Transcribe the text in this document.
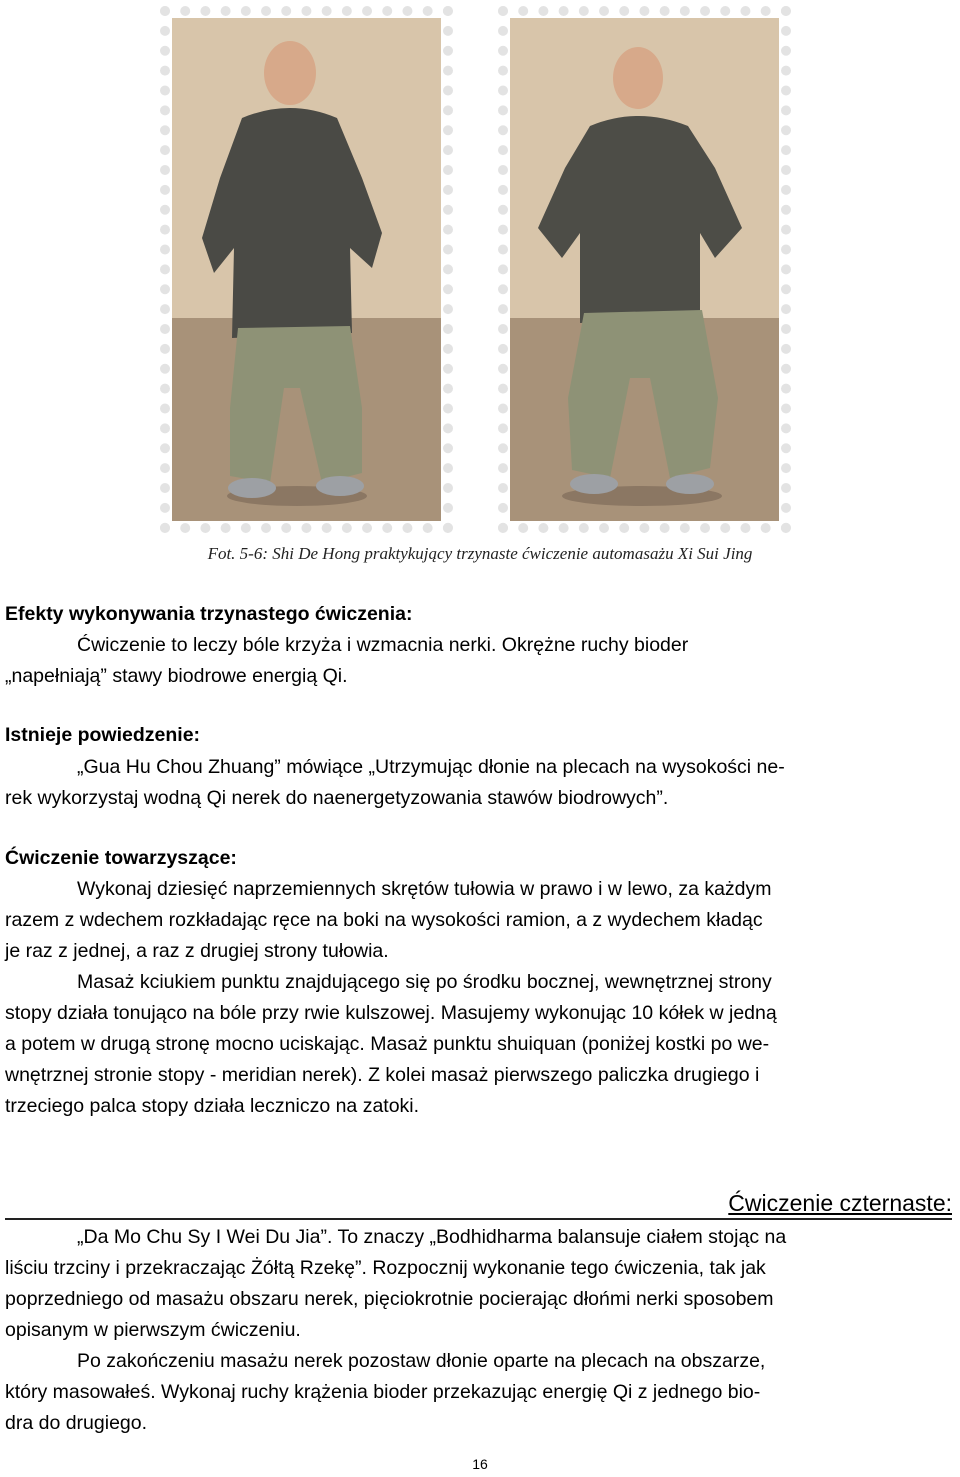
Fot. 5-6: Shi De Hong praktykujący trzynaste ćwiczenie automasażu Xi Sui Jing
Efekty wykonywania trzynastego ćwiczenia:
Ćwiczenie to leczy bóle krzyża i wzmacnia nerki. Okrężne ruchy bioder
„napełniają” stawy biodrowe energią Qi.
Istnieje powiedzenie:
„Gua Hu Chou Zhuang” mówiące „Utrzymując dłonie na plecach na wysokości ne-
rek wykorzystaj wodną Qi nerek do naenergetyzowania stawów biodrowych”.
Ćwiczenie towarzyszące:
Wykonaj dziesięć naprzemiennych skrętów tułowia w prawo i w lewo, za każdym
razem z wdechem rozkładając ręce na boki na wysokości ramion, a z wydechem kładąc
je raz z jednej, a raz z drugiej strony tułowia.
Masaż kciukiem punktu znajdującego się po środku bocznej, wewnętrznej strony
stopy działa tonująco na bóle przy rwie kulszowej. Masujemy wykonując 10 kółek w jedną
a potem w drugą stronę mocno uciskając. Masaż punktu shuiquan (poniżej kostki po we-
wnętrznej stronie stopy - meridian nerek). Z kolei masaż pierwszego paliczka drugiego i
trzeciego palca stopy działa leczniczo na zatoki.
Ćwiczenie czternaste:
„Da Mo Chu Sy I Wei Du Jia”. To znaczy „Bodhidharma balansuje ciałem stojąc na
liściu trzciny i przekraczając Żółtą Rzekę”. Rozpocznij wykonanie tego ćwiczenia, tak jak
poprzedniego od masażu obszaru nerek, pięciokrotnie pocierając dłońmi nerki sposobem
opisanym w pierwszym ćwiczeniu.
Po zakończeniu masażu nerek pozostaw dłonie oparte na plecach na obszarze,
który masowałeś. Wykonaj ruchy krążenia bioder przekazując energię Qi z jednego bio-
dra do drugiego.
16
